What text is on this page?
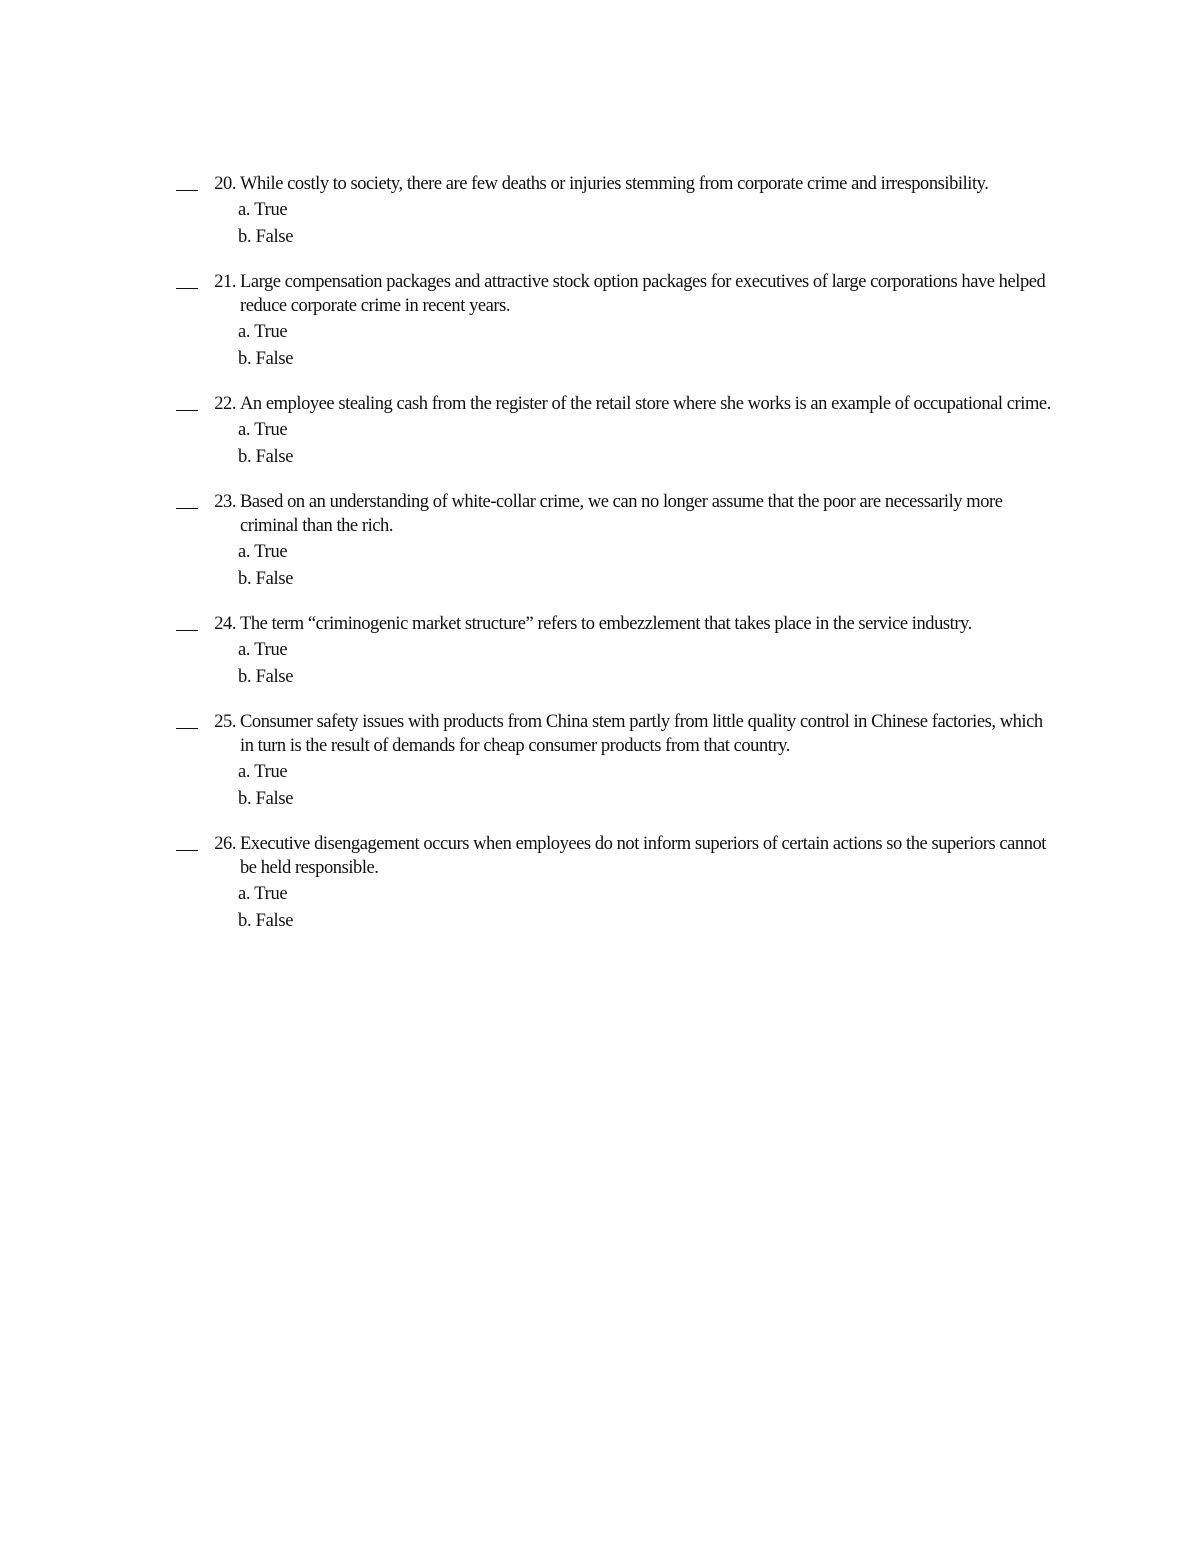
20. While costly to society, there are few deaths or injuries stemming from corporate crime and irresponsibility.
a. True
b. False
21. Large compensation packages and attractive stock option packages for executives of large corporations have helped reduce corporate crime in recent years.
a. True
b. False
22. An employee stealing cash from the register of the retail store where she works is an example of occupational crime.
a. True
b. False
23. Based on an understanding of white-collar crime, we can no longer assume that the poor are necessarily more criminal than the rich.
a. True
b. False
24. The term “criminogenic market structure” refers to embezzlement that takes place in the service industry.
a. True
b. False
25. Consumer safety issues with products from China stem partly from little quality control in Chinese factories, which in turn is the result of demands for cheap consumer products from that country.
a. True
b. False
26. Executive disengagement occurs when employees do not inform superiors of certain actions so the superiors cannot be held responsible.
a. True
b. False
